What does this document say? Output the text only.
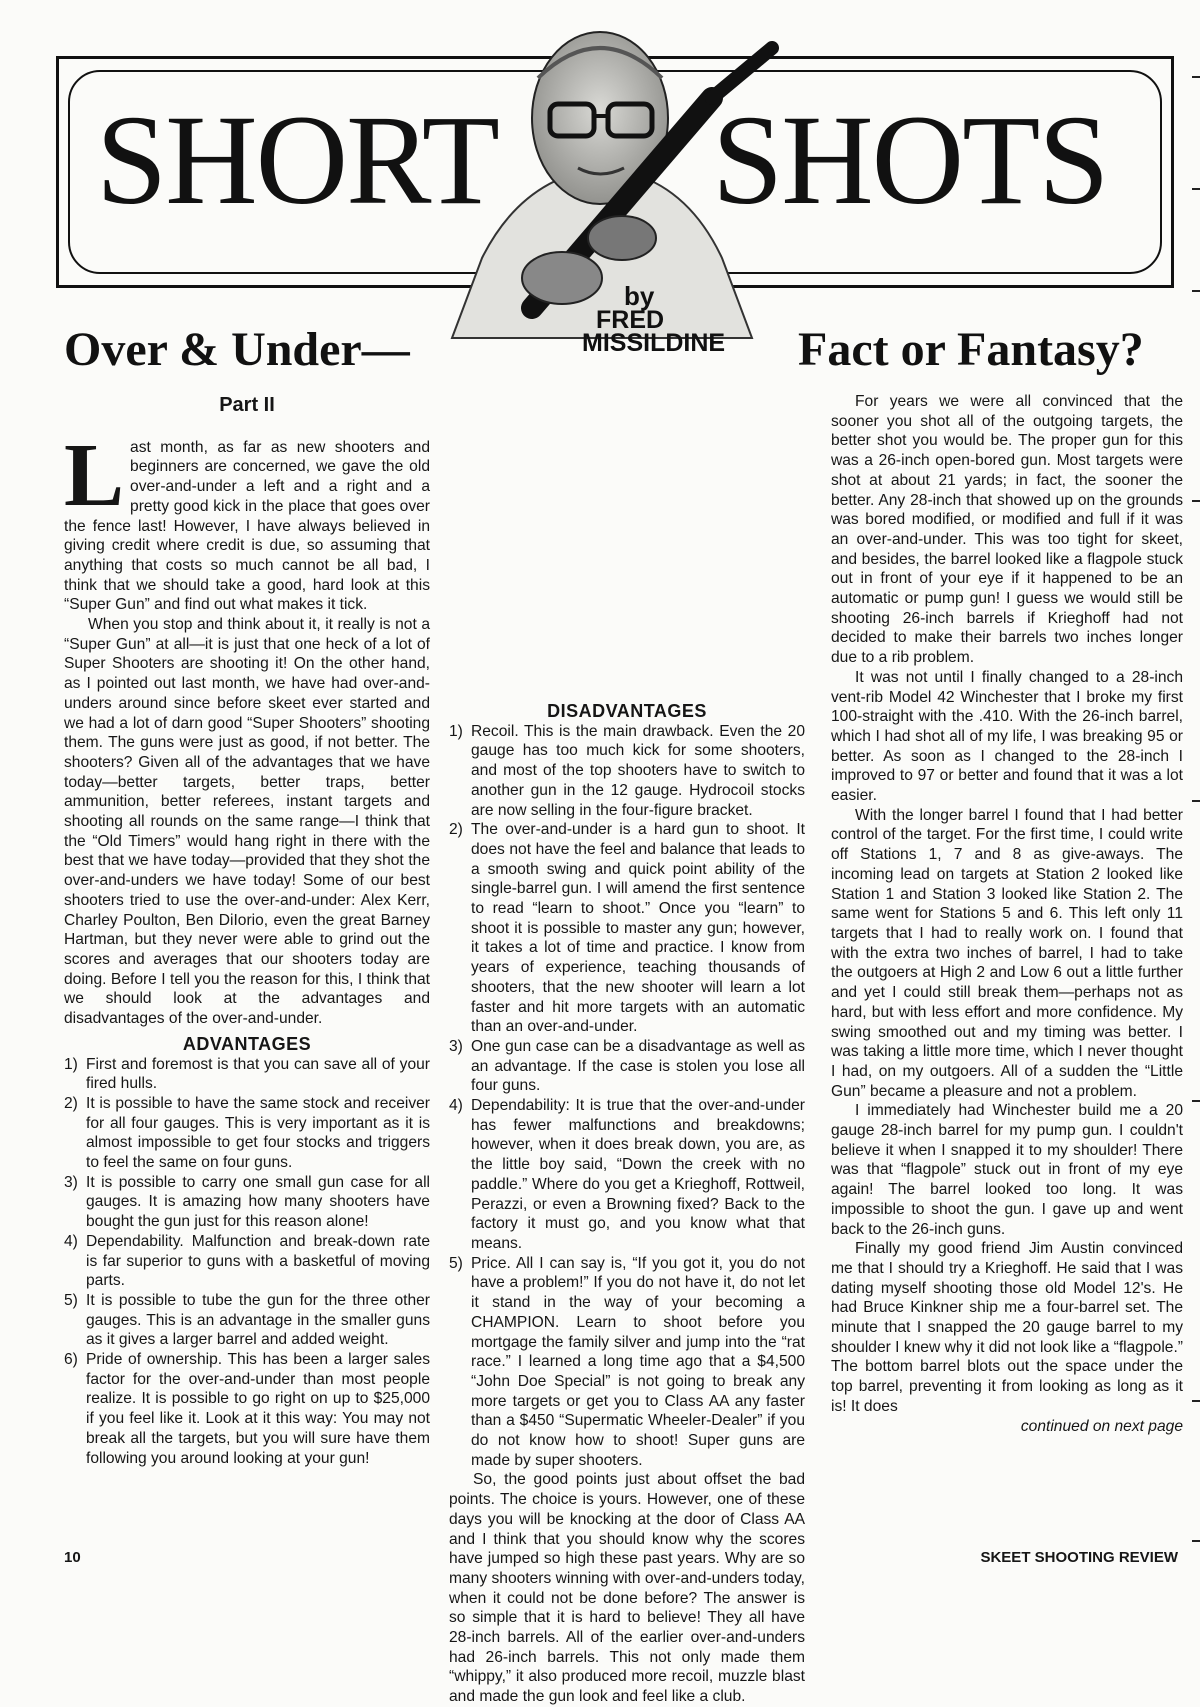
SHORT SHOTS
by
FRED
MISSILDINE
Over & Under—	Fact or Fantasy?
Part II

Last month, as far as new shooters and beginners are concerned, we gave the old over-and-under a left and a right and a pretty good kick in the place that goes over the fence last! However, I have always believed in giving credit where credit is due, so assuming that anything that costs so much cannot be all bad, I think that we should take a good, hard look at this “Super Gun” and find out what makes it tick.

When you stop and think about it, it really is not a “Super Gun” at all—it is just that one heck of a lot of Super Shooters are shooting it! On the other hand, as I pointed out last month, we have had over-and-unders around since before skeet ever started and we had a lot of darn good “Super Shooters” shooting them. The guns were just as good, if not better. The shooters? Given all of the advantages that we have today—better targets, better traps, better ammunition, better referees, instant targets and shooting all rounds on the same range—I think that the “Old Timers” would hang right in there with the best that we have today—provided that they shot the over-and-unders we have today! Some of our best shooters tried to use the over-and-under: Alex Kerr, Charley Poulton, Ben DiIorio, even the great Barney Hartman, but they never were able to grind out the scores and averages that our shooters today are doing. Before I tell you the reason for this, I think that we should look at the advantages and disadvantages of the over-and-under.

ADVANTAGES
1) First and foremost is that you can save all of your fired hulls.
2) It is possible to have the same stock and receiver for all four gauges. This is very important as it is almost impossible to get four stocks and triggers to feel the same on four guns.
3) It is possible to carry one small gun case for all gauges. It is amazing how many shooters have bought the gun just for this reason alone!
4) Dependability. Malfunction and break-down rate is far superior to guns with a basketful of moving parts.
5) It is possible to tube the gun for the three other gauges. This is an advantage in the smaller guns as it gives a larger barrel and added weight.
6) Pride of ownership. This has been a larger sales factor for the over-and-under than most people realize. It is possible to go right on up to $25,000 if you feel like it. Look at it this way: You may not break all the targets, but you will sure have them following you around looking at your gun!
DISADVANTAGES
1) Recoil. This is the main drawback. Even the 20 gauge has too much kick for some shooters, and most of the top shooters have to switch to another gun in the 12 gauge. Hydrocoil stocks are now selling in the four-figure bracket.
2) The over-and-under is a hard gun to shoot. It does not have the feel and balance that leads to a smooth swing and quick point ability of the single-barrel gun. I will amend the first sentence to read “learn to shoot.” Once you “learn” to shoot it is possible to master any gun; however, it takes a lot of time and practice. I know from years of experience, teaching thousands of shooters, that the new shooter will learn a lot faster and hit more targets with an automatic than an over-and-under.
3) One gun case can be a disadvantage as well as an advantage. If the case is stolen you lose all four guns.
4) Dependability: It is true that the over-and-under has fewer malfunctions and breakdowns; however, when it does break down, you are, as the little boy said, “Down the creek with no paddle.” Where do you get a Krieghoff, Rottweil, Perazzi, or even a Browning fixed? Back to the factory it must go, and you know what that means.
5) Price. All I can say is, “If you got it, you do not have a problem!” If you do not have it, do not let it stand in the way of your becoming a CHAMPION. Learn to shoot before you mortgage the family silver and jump into the “rat race.” I learned a long time ago that a $4,500 “John Doe Special” is not going to break any more targets or get you to Class AA any faster than a $450 “Supermatic Wheeler-Dealer” if you do not know how to shoot! Super guns are made by super shooters.

So, the good points just about offset the bad points. The choice is yours. However, one of these days you will be knocking at the door of Class AA and I think that you should know why the scores have jumped so high these past years. Why are so many shooters winning with over-and-unders today, when it could not be done before? The answer is so simple that it is hard to believe! They all have 28-inch barrels. All of the earlier over-and-unders had 26-inch barrels. This not only made them “whippy,” it also produced more recoil, muzzle blast and made the gun look and feel like a club.

For years we were all convinced that the sooner you shot all of the outgoing targets, the better shot you would be. The proper gun for this was a 26-inch open-bored gun. Most targets were shot at about 21 yards; in fact, the sooner the better. Any 28-inch that showed up on the grounds was bored modified, or modified and full if it was an over-and-under. This was too tight for skeet, and besides, the barrel looked like a flagpole stuck out in front of your eye if it happened to be an automatic or pump gun! I guess we would still be shooting 26-inch barrels if Krieghoff had not decided to make their barrels two inches longer due to a rib problem.

It was not until I finally changed to a 28-inch vent-rib Model 42 Winchester that I broke my first 100-straight with the .410. With the 26-inch barrel, which I had shot all of my life, I was breaking 95 or better. As soon as I changed to the 28-inch I improved to 97 or better and found that it was a lot easier.

With the longer barrel I found that I had better control of the target. For the first time, I could write off Stations 1, 7 and 8 as give-aways. The incoming lead on targets at Station 2 looked like Station 1 and Station 3 looked like Station 2. The same went for Stations 5 and 6. This left only 11 targets that I had to really work on. I found that with the extra two inches of barrel, I had to take the outgoers at High 2 and Low 6 out a little further and yet I could still break them—perhaps not as hard, but with less effort and more confidence. My swing smoothed out and my timing was better. I was taking a little more time, which I never thought I had, on my outgoers. All of a sudden the “Little Gun” became a pleasure and not a problem.

I immediately had Winchester build me a 20 gauge 28-inch barrel for my pump gun. I couldn't believe it when I snapped it to my shoulder! There was that “flagpole” stuck out in front of my eye again! The barrel looked too long. It was impossible to shoot the gun. I gave up and went back to the 26-inch guns.

Finally my good friend Jim Austin convinced me that I should try a Krieghoff. He said that I was dating myself shooting those old Model 12's. He had Bruce Kinkner ship me a four-barrel set. The minute that I snapped the 20 gauge barrel to my shoulder I knew why it did not look like a “flagpole.” The bottom barrel blots out the space under the top barrel, preventing it from looking as long as it is! It does

continued on next page
10	SKEET SHOOTING REVIEW
